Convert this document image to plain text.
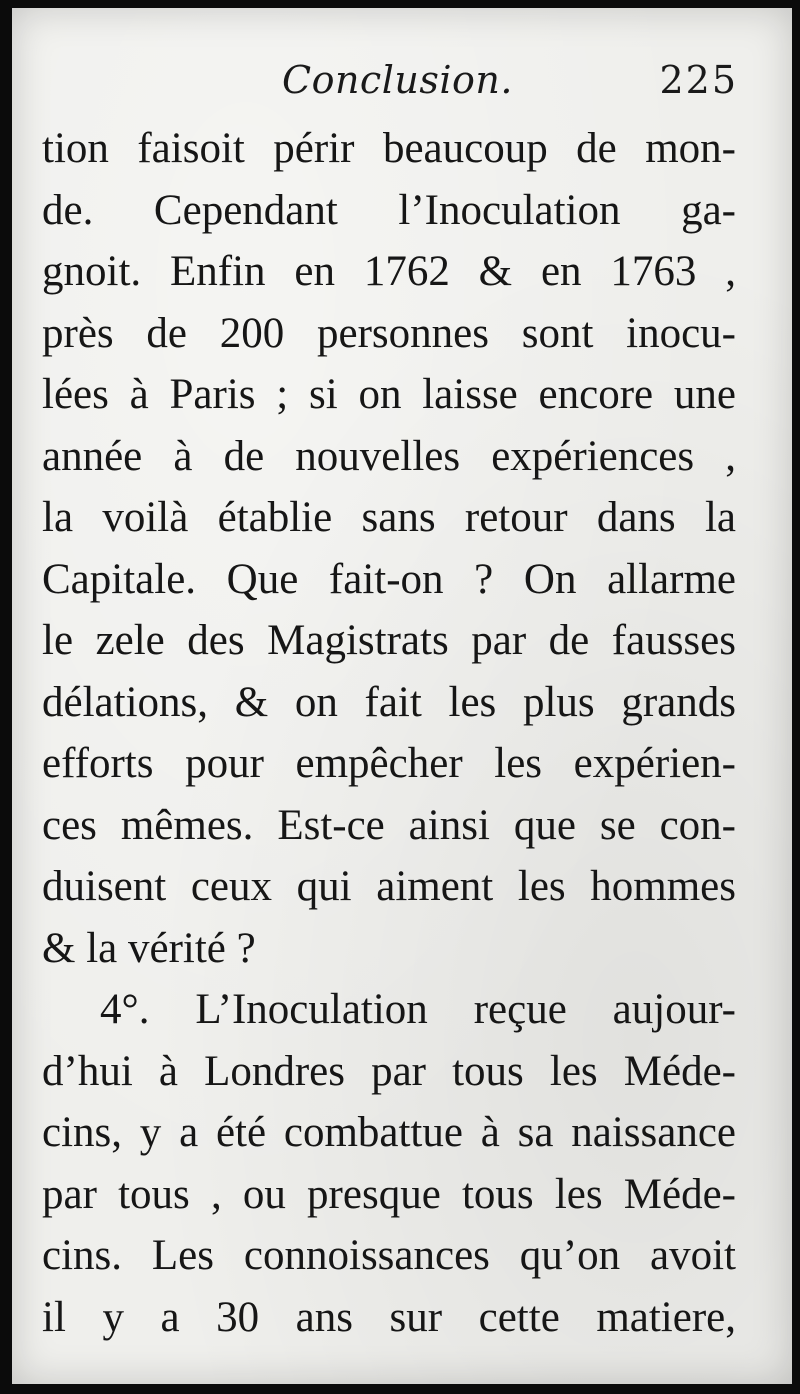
Conclusion.	225
tion faisoit périr beaucoup de mon-
de. Cependant l’Inoculation ga-
gnoit. Enfin en 1762 & en 1763 ,
près de 200 personnes sont inocu-
lées à Paris ; si on laisse encore une
année à de nouvelles expériences ,
la voilà établie sans retour dans la
Capitale. Que fait-on ? On allarme
le zele des Magistrats par de fausses
délations, & on fait les plus grands
efforts pour empêcher les expérien-
ces mêmes. Est-ce ainsi que se con-
duisent ceux qui aiment les hommes
& la vérité ?
4°. L’Inoculation reçue aujour-
d’hui à Londres par tous les Méde-
cins, y a été combattue à sa naissance
par tous , ou presque tous les Méde-
cins. Les connoissances qu’on avoit
il y a 30 ans sur cette matiere,
